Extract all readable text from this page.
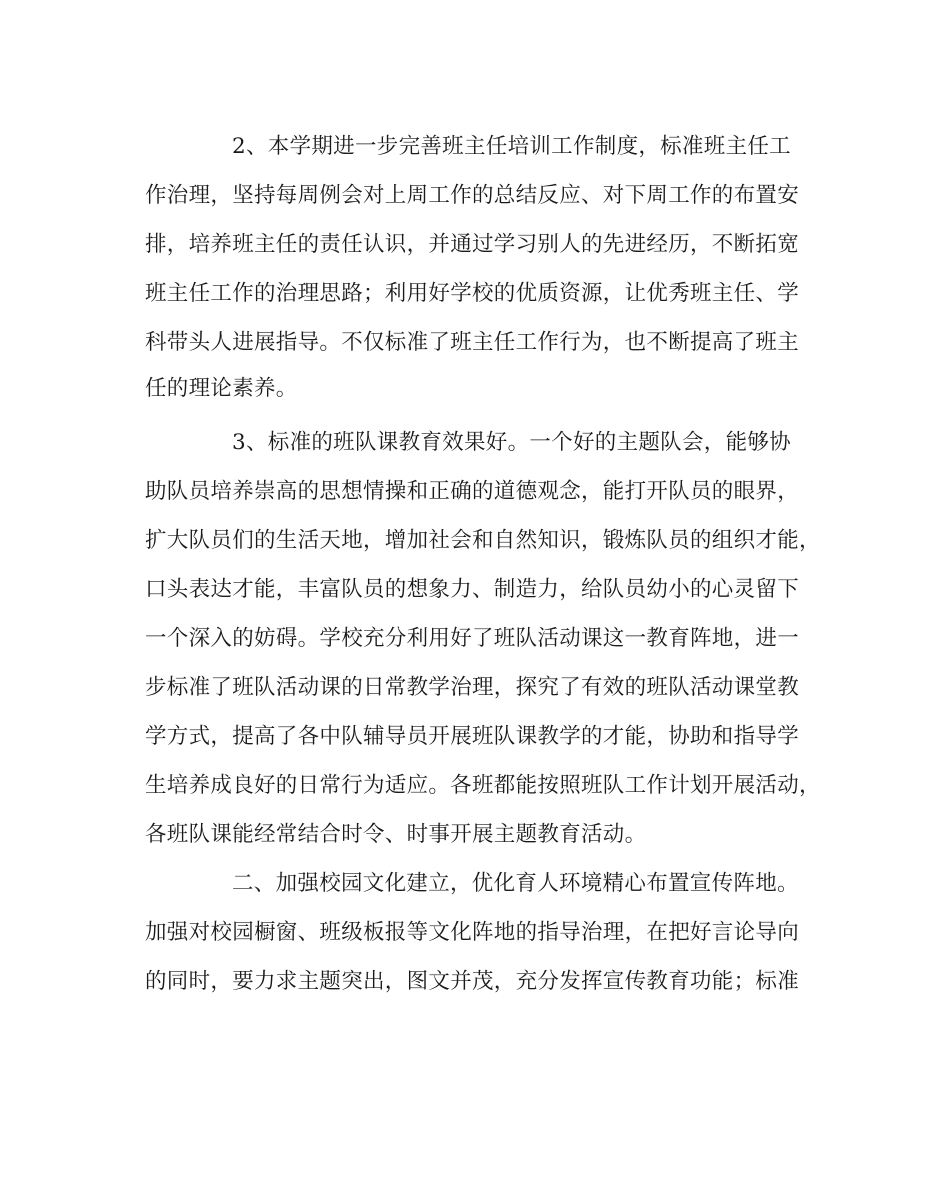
2、本学期进一步完善班主任培训工作制度，标准班主任工
作治理，坚持每周例会对上周工作的总结反应、对下周工作的布置安
排，培养班主任的责任认识，并通过学习别人的先进经历，不断拓宽
班主任工作的治理思路；利用好学校的优质资源，让优秀班主任、学
科带头人进展指导。不仅标准了班主任工作行为，也不断提高了班主
任的理论素养。
3、标准的班队课教育效果好。一个好的主题队会，能够协
助队员培养崇高的思想情操和正确的道德观念，能打开队员的眼界，
扩大队员们的生活天地，增加社会和自然知识，锻炼队员的组织才能，
口头表达才能，丰富队员的想象力、制造力，给队员幼小的心灵留下
一个深入的妨碍。学校充分利用好了班队活动课这一教育阵地，进一
步标准了班队活动课的日常教学治理，探究了有效的班队活动课堂教
学方式，提高了各中队辅导员开展班队课教学的才能，协助和指导学
生培养成良好的日常行为适应。各班都能按照班队工作计划开展活动，
各班队课能经常结合时令、时事开展主题教育活动。
二、加强校园文化建立，优化育人环境精心布置宣传阵地。
加强对校园橱窗、班级板报等文化阵地的指导治理，在把好言论导向
的同时，要力求主题突出，图文并茂，充分发挥宣传教育功能；标准
